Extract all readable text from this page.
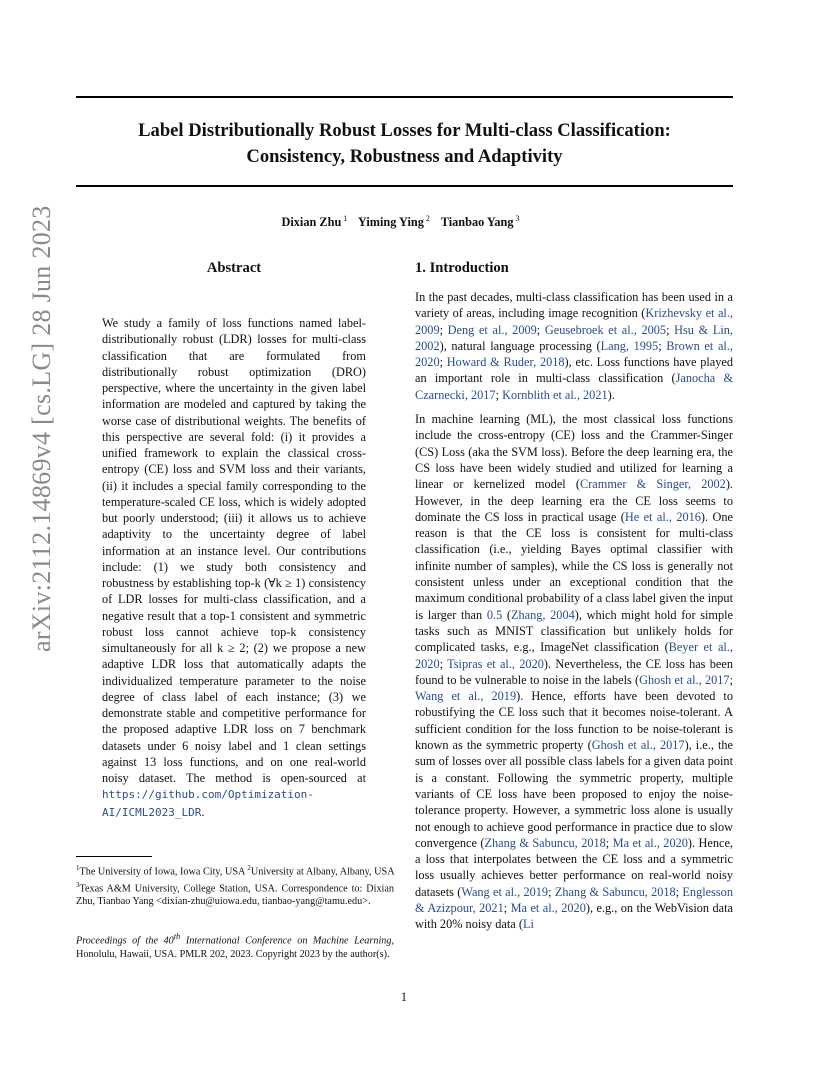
Label Distributionally Robust Losses for Multi-class Classification:
Consistency, Robustness and Adaptivity
Dixian Zhu $^1$ Yiming Ying $^2$ Tianbao Yang $^3$
arXiv:2112.14869v4 [cs.LG] 28 Jun 2023	Abstract
We study a family of loss functions named label-distributionally robust (LDR) losses for multi-class classification that are formulated from distributionally robust optimization (DRO) perspective, where the uncertainty in the given label information are modeled and captured by taking the worse case of distributional weights. The benefits of this perspective are several fold: (i) it provides a unified framework to explain the classical cross-entropy (CE) loss and SVM loss and their variants, (ii) it includes a special family corresponding to the temperature-scaled CE loss, which is widely adopted but poorly understood; (iii) it allows us to achieve adaptivity to the uncertainty degree of label information at an instance level. Our contributions include: (1) we study both consistency and robustness by establishing top-k (∀k ≥ 1) consistency of LDR losses for multi-class classification, and a negative result that a top-1 consistent and symmetric robust loss cannot achieve top-k consistency simultaneously for all k ≥ 2; (2) we propose a new adaptive LDR loss that automatically adapts the individualized temperature parameter to the noise degree of class label of each instance; (3) we demonstrate stable and competitive performance for the proposed adaptive LDR loss on 7 benchmark datasets under 6 noisy label and 1 clean settings against 13 loss functions, and on one real-world noisy dataset. The method is open-sourced at https://github.com/Optimization-AI/ICML2023_LDR.
$^1$The University of Iowa, Iowa City, USA $^2$University at Albany, Albany, USA $^3$Texas A&M University, College Station, USA. Correspondence to: Dixian Zhu, Tianbao Yang <dixian-zhu@uiowa.edu, tianbao-yang@tamu.edu>.
Proceedings of the 40th International Conference on Machine Learning, Honolulu, Hawaii, USA. PMLR 202, 2023. Copyright 2023 by the author(s).
1. Introduction

In the past decades, multi-class classification has been used in a variety of areas, including image recognition (Krizhevsky et al., 2009; Deng et al., 2009; Geusebroek et al., 2005; Hsu & Lin, 2002), natural language processing (Lang, 1995; Brown et al., 2020; Howard & Ruder, 2018), etc. Loss functions have played an important role in multi-class classification (Janocha & Czarnecki, 2017; Kornblith et al., 2021).

In machine learning (ML), the most classical loss functions include the cross-entropy (CE) loss and the Crammer-Singer (CS) Loss (aka the SVM loss). Before the deep learning era, the CS loss have been widely studied and utilized for learning a linear or kernelized model (Crammer & Singer, 2002). However, in the deep learning era the CE loss seems to dominate the CS loss in practical usage (He et al., 2016). One reason is that the CE loss is consistent for multi-class classification (i.e., yielding Bayes optimal classifier with infinite number of samples), while the CS loss is generally not consistent unless under an exceptional condition that the maximum conditional probability of a class label given the input is larger than 0.5 (Zhang, 2004), which might hold for simple tasks such as MNIST classification but unlikely holds for complicated tasks, e.g., ImageNet classification (Beyer et al., 2020; Tsipras et al., 2020). Nevertheless, the CE loss has been found to be vulnerable to noise in the labels (Ghosh et al., 2017; Wang et al., 2019). Hence, efforts have been devoted to robustifying the CE loss such that it becomes noise-tolerant. A sufficient condition for the loss function to be noise-tolerant is known as the symmetric property (Ghosh et al., 2017), i.e., the sum of losses over all possible class labels for a given data point is a constant. Following the symmetric property, multiple variants of CE loss have been proposed to enjoy the noise-tolerance property. However, a symmetric loss alone is usually not enough to achieve good performance in practice due to slow convergence (Zhang & Sabuncu, 2018; Ma et al., 2020). Hence, a loss that interpolates between the CE loss and a symmetric loss usually achieves better performance on real-world noisy datasets (Wang et al., 2019; Zhang & Sabuncu, 2018; Englesson & Azizpour, 2021; Ma et al., 2020), e.g., on the WebVision data with 20% noisy data (Li

1
